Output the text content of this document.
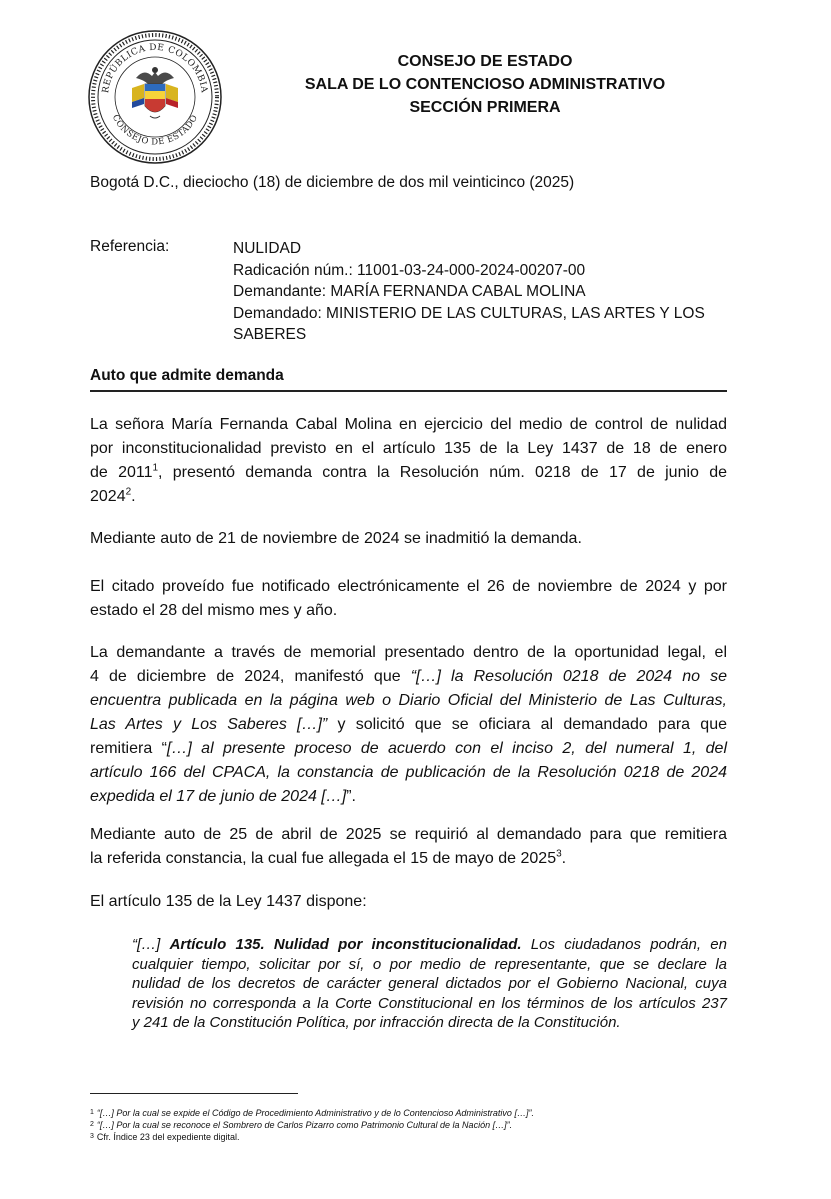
REPÚBLICA DE COLOMBIA
CONSEJO DE ESTADO
CONSEJO DE ESTADO
SALA DE LO CONTENCIOSO ADMINISTRATIVO
SECCIÓN PRIMERA
Bogotá D.C., dieciocho (18) de diciembre de dos mil veinticinco (2025)
Referencia:	NULIDAD
Radicación núm.: 11001-03-24-000-2024-00207-00
Demandante: MARÍA FERNANDA CABAL MOLINA
Demandado: MINISTERIO DE LAS CULTURAS, LAS ARTES Y LOS
SABERES
Auto que admite demanda
La señora María Fernanda Cabal Molina en ejercicio del medio de control de nulidad
por inconstitucionalidad previsto en el artículo 135 de la Ley 1437 de 18 de enero
de 2011$^1$, presentó demanda contra la Resolución núm. 0218 de 17 de junio de
2024$^2$.
Mediante auto de 21 de noviembre de 2024 se inadmitió la demanda.
El citado proveído fue notificado electrónicamente el 26 de noviembre de 2024 y por
estado el 28 del mismo mes y año.
La demandante a través de memorial presentado dentro de la oportunidad legal, el
4 de diciembre de 2024, manifestó que “[…] la Resolución 0218 de 2024 no se
encuentra publicada en la página web o Diario Oficial del Ministerio de Las Culturas,
Las Artes y Los Saberes […]” y solicitó que se oficiara al demandado para que
remitiera “[…] al presente proceso de acuerdo con el inciso 2, del numeral 1, del
artículo 166 del CPACA, la constancia de publicación de la Resolución 0218 de 2024
expedida el 17 de junio de 2024 […]”.
Mediante auto de 25 de abril de 2025 se requirió al demandado para que remitiera
la referida constancia, la cual fue allegada el 15 de mayo de 2025$^3$.
El artículo 135 de la Ley 1437 dispone:
“[…] Artículo 135. Nulidad por inconstitucionalidad. Los ciudadanos podrán, en
cualquier tiempo, solicitar por sí, o por medio de representante, que se declare la
nulidad de los decretos de carácter general dictados por el Gobierno Nacional, cuya
revisión no corresponda a la Corte Constitucional en los términos de los artículos 237
y 241 de la Constitución Política, por infracción directa de la Constitución.
$^1$ “[…] Por la cual se expide el Código de Procedimiento Administrativo y de lo Contencioso Administrativo […]”.
$^2$ “[…] Por la cual se reconoce el Sombrero de Carlos Pizarro como Patrimonio Cultural de la Nación […]”.
$^3$ Cfr. Índice 23 del expediente digital.
